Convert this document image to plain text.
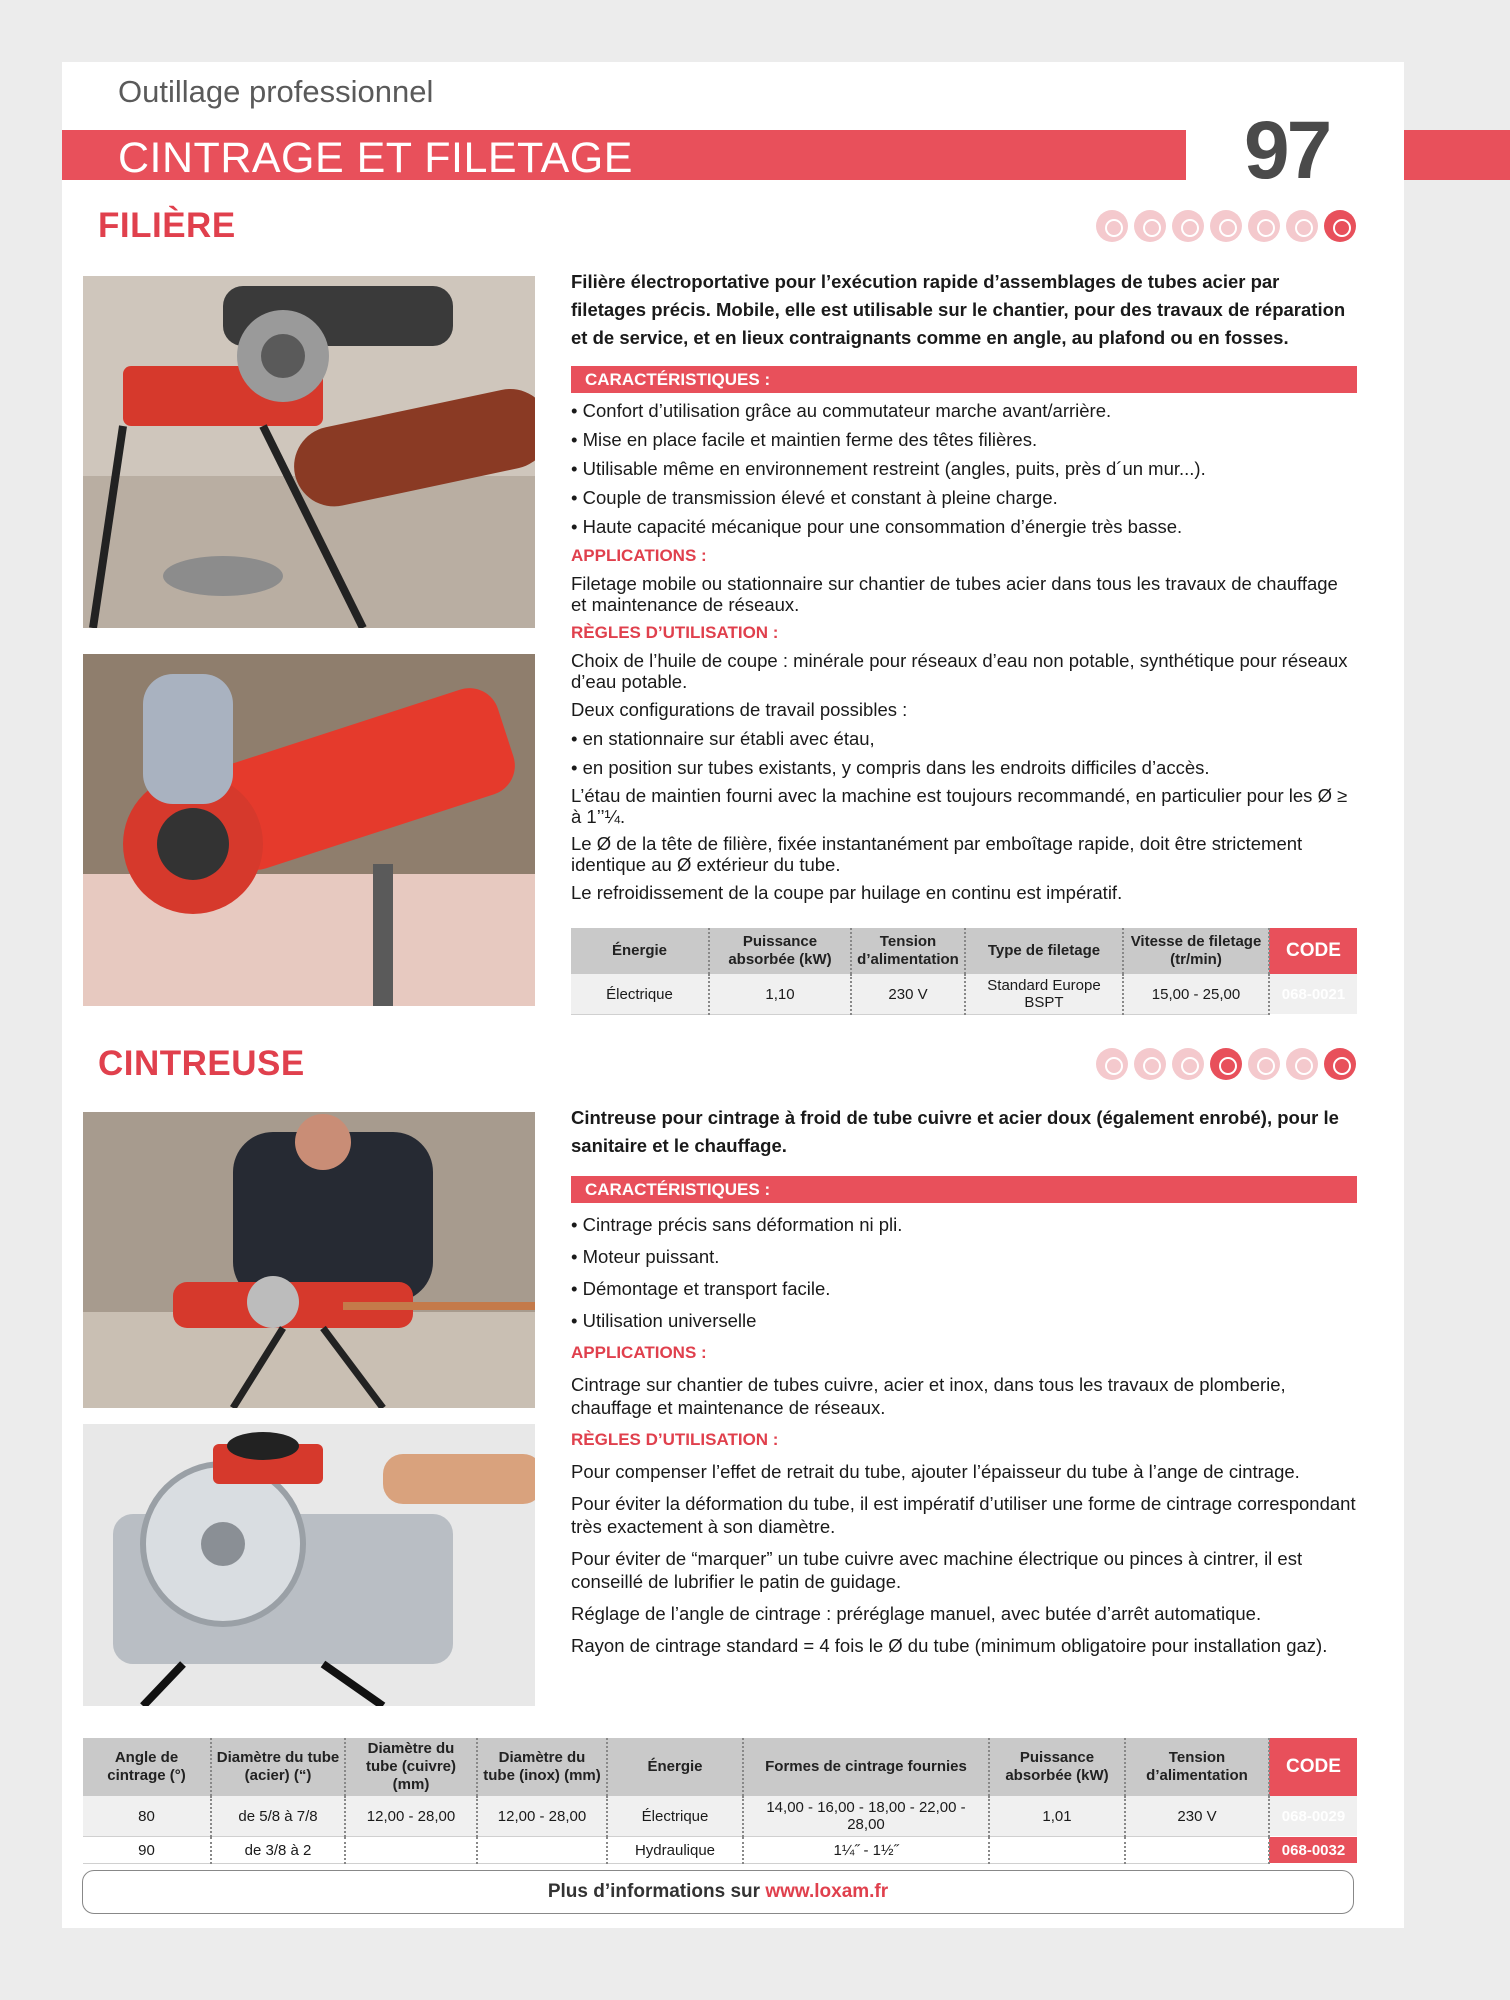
Outillage professionnel
CINTRAGE ET FILETAGE	97
FILIÈRE
Filière électroportative pour l’exécution rapide d’assemblages de tubes acier par filetages précis. Mobile, elle est utilisable sur le chantier, pour des travaux de réparation et de service, et en lieux contraignants comme en angle, au plafond ou en fosses.
CARACTÉRISTIQUES :
• Confort d’utilisation grâce au commutateur marche avant/arrière.
• Mise en place facile et maintien ferme des têtes filières.
• Utilisable même en environnement restreint (angles, puits, près d´un mur...).
• Couple de transmission élevé et constant à pleine charge.
• Haute capacité mécanique pour une consommation d’énergie très basse.
APPLICATIONS :
Filetage mobile ou stationnaire sur chantier de tubes acier dans tous les travaux de chauffage et maintenance de réseaux.
RÈGLES D’UTILISATION :
Choix de l’huile de coupe : minérale pour réseaux d’eau non potable, synthétique pour réseaux d’eau potable.
Deux configurations de travail possibles :
• en stationnaire sur établi avec étau,
• en position sur tubes existants, y compris dans les endroits difficiles d’accès.
L’étau de maintien fourni avec la machine est toujours recommandé, en particulier pour les Ø ≥ à 1’’¼.
Le Ø de la tête de filière, fixée instantanément par emboîtage rapide, doit être strictement identique au Ø extérieur du tube.
Le refroidissement de la coupe par huilage en continu est impératif.
Énergie	Puissance absorbée (kW)	Tension d’alimentation	Type de filetage	Vitesse de filetage (tr/min)	CODE
Électrique	1,10	230 V	Standard Europe BSPT	15,00 - 25,00	068-0021
CINTREUSE
Cintreuse pour cintrage à froid de tube cuivre et acier doux (également enrobé), pour le sanitaire et le chauffage.
CARACTÉRISTIQUES :
• Cintrage précis sans déformation ni pli.
• Moteur puissant.
• Démontage et transport facile.
• Utilisation universelle
APPLICATIONS :
Cintrage sur chantier de tubes cuivre, acier et inox, dans tous les travaux de plomberie, chauffage et maintenance de réseaux.
RÈGLES D’UTILISATION :
Pour compenser l’effet de retrait du tube, ajouter l’épaisseur du tube à l’ange de cintrage.
Pour éviter la déformation du tube, il est impératif d’utiliser une forme de cintrage correspondant très exactement à son diamètre.
Pour éviter de “marquer” un tube cuivre avec machine électrique ou pinces à cintrer, il est conseillé de lubrifier le patin de guidage.
Réglage de l’angle de cintrage : préréglage manuel, avec butée d’arrêt automatique.
Rayon de cintrage standard = 4 fois le Ø du tube (minimum obligatoire pour installation gaz).
Angle de cintrage (°)	Diamètre du tube (acier) (“)	Diamètre du tube (cuivre) (mm)	Diamètre du tube (inox) (mm)	Énergie	Formes de cintrage fournies	Puissance absorbée (kW)	Tension d’alimentation	CODE
80	de 5/8 à 7/8	12,00 - 28,00	12,00 - 28,00	Électrique	14,00 - 16,00 - 18,00 - 22,00 - 28,00	1,01	230 V	068-0029
90	de 3/8 à 2			Hydraulique	1¼˝ - 1½˝			068-0032
Plus d’informations sur www.loxam.fr
